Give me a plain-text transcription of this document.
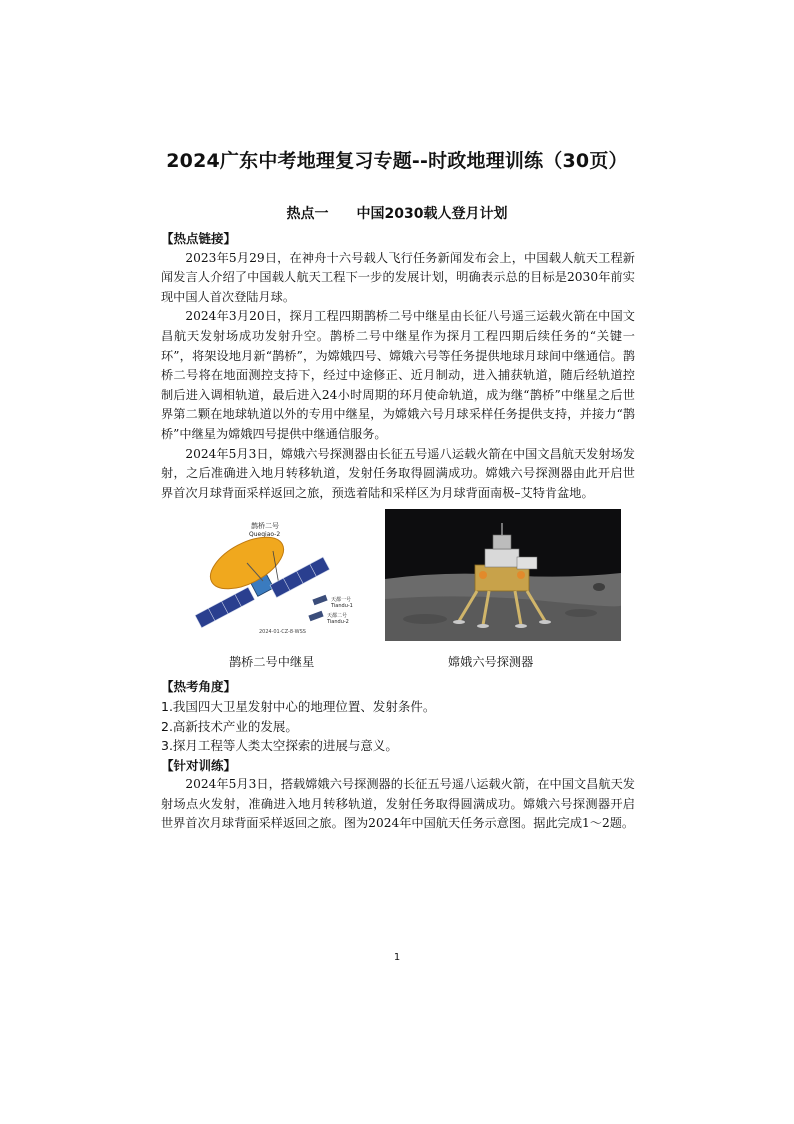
2024广东中考地理复习专题--时政地理训练（30页）
热点一 中国2030载人登月计划
【热点链接】

2023年5月29日，在神舟十六号载人飞行任务新闻发布会上，中国载人航天工程新闻发言人介绍了中国载人航天工程下一步的发展计划，明确表示总的目标是2030年前实现中国人首次登陆月球。

2024年3月20日，探月工程四期鹊桥二号中继星由长征八号遥三运载火箭在中国文昌航天发射场成功发射升空。鹊桥二号中继星作为探月工程四期后续任务的“关键一环”，将架设地月新“鹊桥”，为嫦娥四号、嫦娥六号等任务提供地球月球间中继通信。鹊桥二号将在地面测控支持下，经过中途修正、近月制动，进入捕获轨道，随后经轨道控制后进入调相轨道，最后进入24小时周期的环月使命轨道，成为继“鹊桥”中继星之后世界第二颗在地球轨道以外的专用中继星，为嫦娥六号月球采样任务提供支持，并接力“鹊桥”中继星为嫦娥四号提供中继通信服务。

2024年5月3日，嫦娥六号探测器由长征五号遥八运载火箭在中国文昌航天发射场发射，之后准确进入地月转移轨道，发射任务取得圆满成功。嫦娥六号探测器由此开启世界首次月球背面采样返回之旅，预选着陆和采样区为月球背面南极–艾特肯盆地。

鹊桥二号
Queqiao-2
天都一号
Tiandu-1
天都二号
Tiandu-2
2024·01·CZ-8·WSS
鹊桥二号中继星	嫦娥六号探测器
【热考角度】
1.我国四大卫星发射中心的地理位置、发射条件。
2.高新技术产业的发展。
3.探月工程等人类太空探索的进展与意义。
【针对训练】

2024年5月3日，搭载嫦娥六号探测器的长征五号遥八运载火箭，在中国文昌航天发射场点火发射，准确进入地月转移轨道，发射任务取得圆满成功。嫦娥六号探测器开启世界首次月球背面采样返回之旅。图为2024年中国航天任务示意图。据此完成1～2题。

1
